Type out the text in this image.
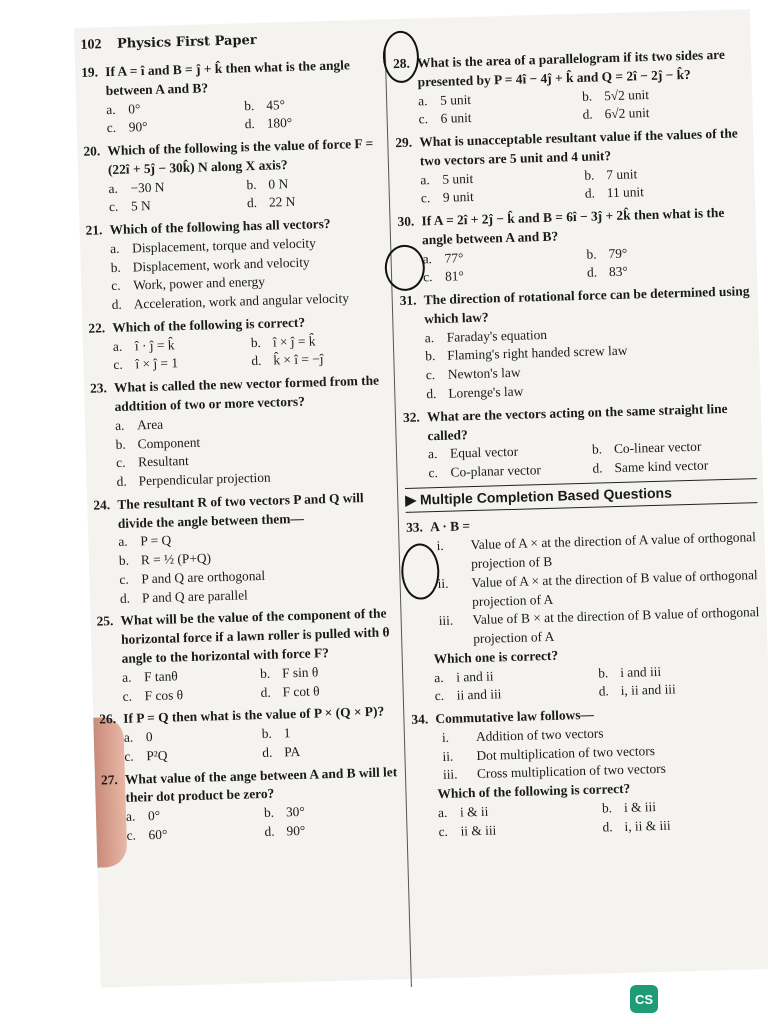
102 Physics First Paper
19. If A = î and B = ĵ + k̂ then what is the angle between A and B?
a. 0°	b. 45°
c. 90°	d. 180°
20. Which of the following is the value of force F = (22î + 5ĵ − 30k̂) N along X axis?
a. −30 N	b. 0 N
c. 5 N	d. 22 N
21. Which of the following has all vectors?
a. Displacement, torque and velocity
b. Displacement, work and velocity
c. Work, power and energy
d. Acceleration, work and angular velocity
22. Which of the following is correct?
a. î · ĵ = k̂	b. î × ĵ = k̂
c. î × ĵ = 1	d. k̂ × î = −ĵ
23. What is called the new vector formed from the addtition of two or more vectors?
a. Area
b. Component
c. Resultant
d. Perpendicular projection
24. The resultant R of two vectors P and Q will divide the angle between them—
a. P = Q
b. R = ½ (P+Q)
c. P and Q are orthogonal
d. P and Q are parallel
25. What will be the value of the component of the horizontal force if a lawn roller is pulled with θ angle to the horizontal with force F?
a. F tanθ	b. F sin θ
c. F cos θ	d. F cot θ
26. If P = Q then what is the value of P × (Q × P)?
a. 0	b. 1
c. P²Q	d. PA
27. What value of the ange between A and B will let their dot product be zero?
a. 0°	b. 30°
c. 60°	d. 90°
28. What is the area of a parallelogram if its two sides are presented by P = 4î − 4ĵ + k̂ and Q = 2î − 2ĵ − k̂?
a. 5 unit	b. 5√2 unit
c. 6 unit	d. 6√2 unit
29. What is unacceptable resultant value if the values of the two vectors are 5 unit and 4 unit?
a. 5 unit	b. 7 unit
c. 9 unit	d. 11 unit
30. If A = 2î + 2ĵ − k̂ and B = 6î − 3ĵ + 2k̂ then what is the angle between A and B?
a. 77°	b. 79°
c. 81°	d. 83°
31. The direction of rotational force can be determined using which law?
a. Faraday's equation
b. Flaming's right handed screw law
c. Newton's law
d. Lorenge's law
32. What are the vectors acting on the same straight line called?
a. Equal vector	b. Co-linear vector
c. Co-planar vector	d. Same kind vector
▶ Multiple Completion Based Questions
33. A · B =
i.	Value of A × at the direction of A value of orthogonal projection of B
ii.	Value of A × at the direction of B value of orthogonal projection of A
iii.	Value of B × at the direction of B value of orthogonal projection of A
Which one is correct?
a. i and ii	b. i and iii
c. ii and iii	d. i, ii and iii
34. Commutative law follows—
i.	Addition of two vectors
ii.	Dot multiplication of two vectors
iii.	Cross multiplication of two vectors
Which of the following is correct?
a. i & ii	b. i & iii
c. ii & iii	d. i, ii & iii
CS
